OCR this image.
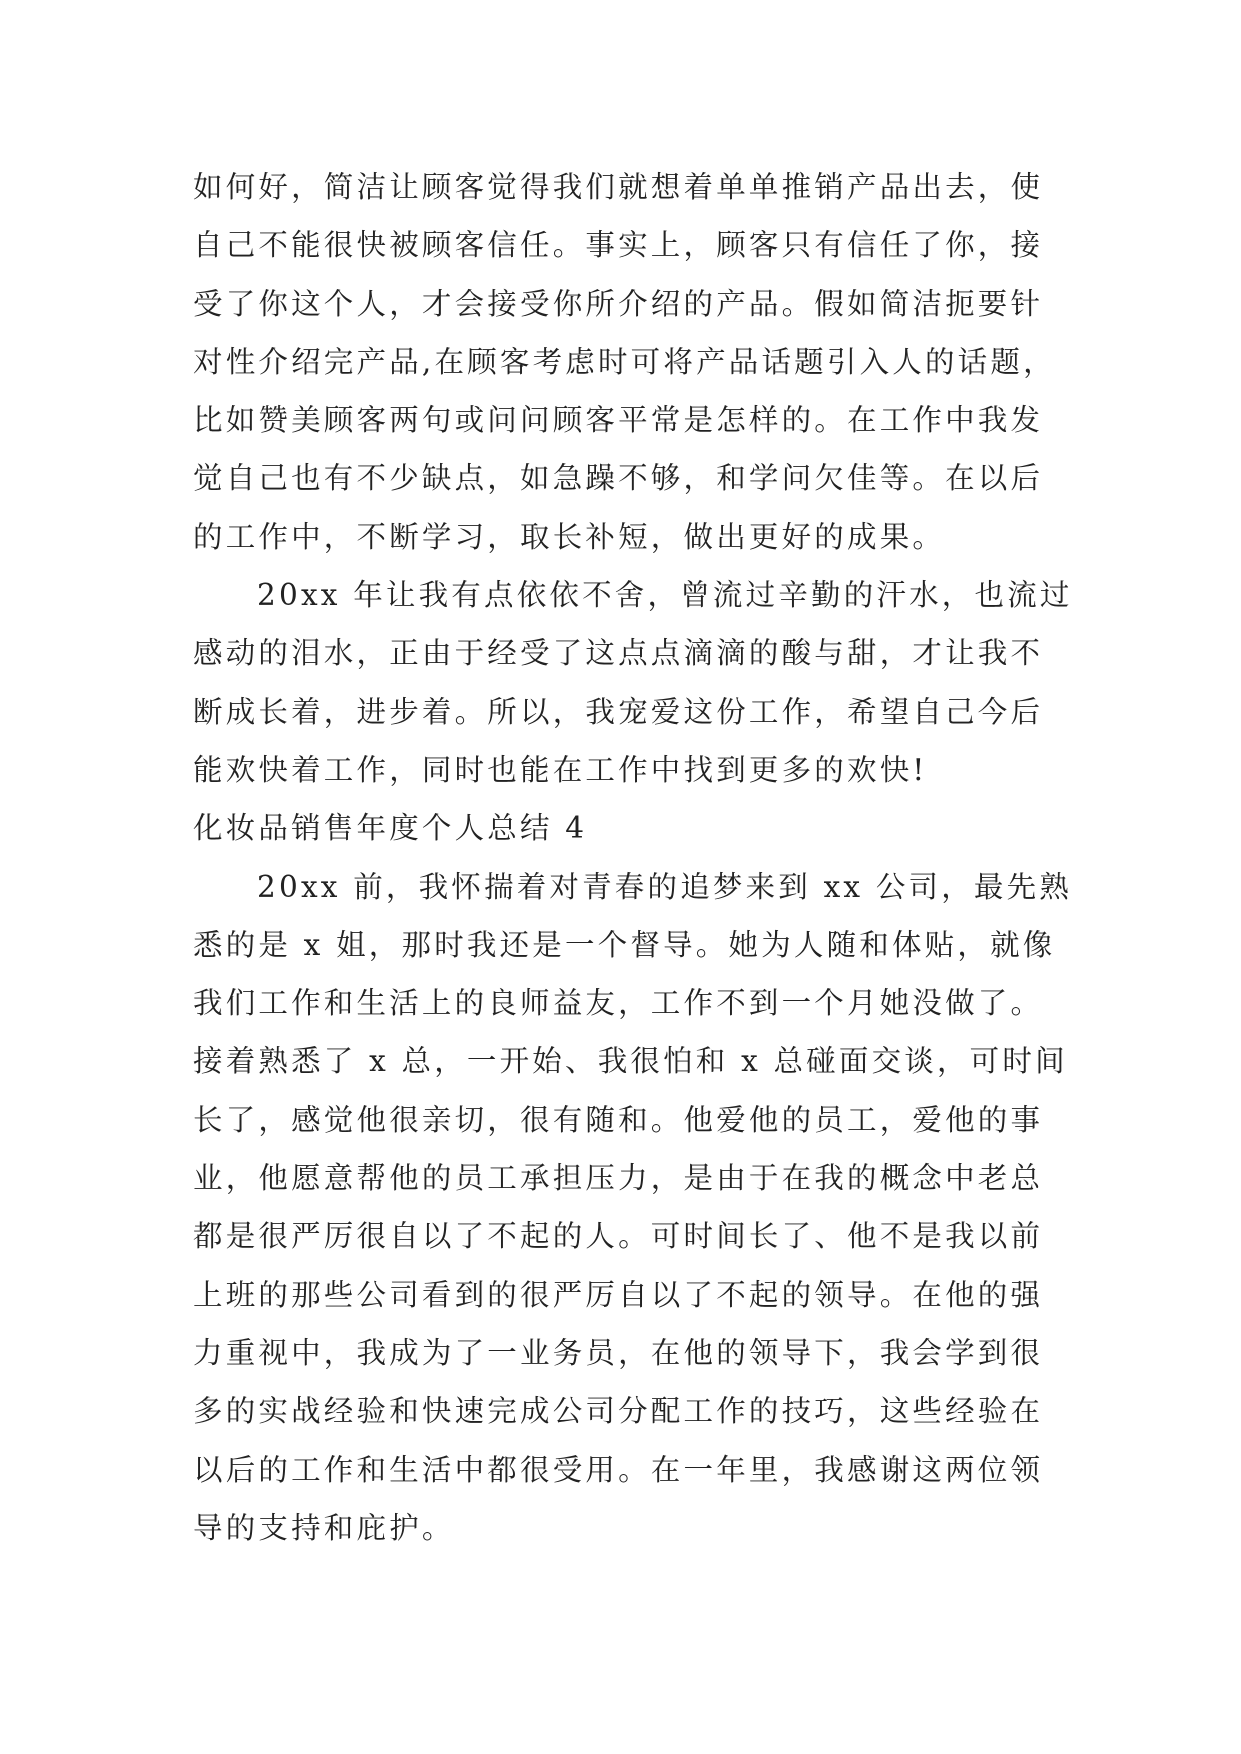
如何好，简洁让顾客觉得我们就想着单单推销产品出去，使
自己不能很快被顾客信任。事实上，顾客只有信任了你，接
受了你这个人，才会接受你所介绍的产品。假如简洁扼要针
对性介绍完产品,在顾客考虑时可将产品话题引入人的话题，
比如赞美顾客两句或问问顾客平常是怎样的。在工作中我发
觉自己也有不少缺点，如急躁不够，和学问欠佳等。在以后
的工作中，不断学习，取长补短，做出更好的成果。
20xx 年让我有点依依不舍，曾流过辛勤的汗水，也流过
感动的泪水，正由于经受了这点点滴滴的酸与甜，才让我不
断成长着，进步着。所以，我宠爱这份工作，希望自己今后
能欢快着工作，同时也能在工作中找到更多的欢快!
化妆品销售年度个人总结 4
20xx 前，我怀揣着对青春的追梦来到 xx 公司，最先熟
悉的是 x 姐，那时我还是一个督导。她为人随和体贴，就像
我们工作和生活上的良师益友，工作不到一个月她没做了。
接着熟悉了 x 总，一开始、我很怕和 x 总碰面交谈，可时间
长了，感觉他很亲切，很有随和。他爱他的员工，爱他的事
业，他愿意帮他的员工承担压力，是由于在我的概念中老总
都是很严厉很自以了不起的人。可时间长了、他不是我以前
上班的那些公司看到的很严厉自以了不起的领导。在他的强
力重视中，我成为了一业务员，在他的领导下，我会学到很
多的实战经验和快速完成公司分配工作的技巧，这些经验在
以后的工作和生活中都很受用。在一年里，我感谢这两位领
导的支持和庇护。
